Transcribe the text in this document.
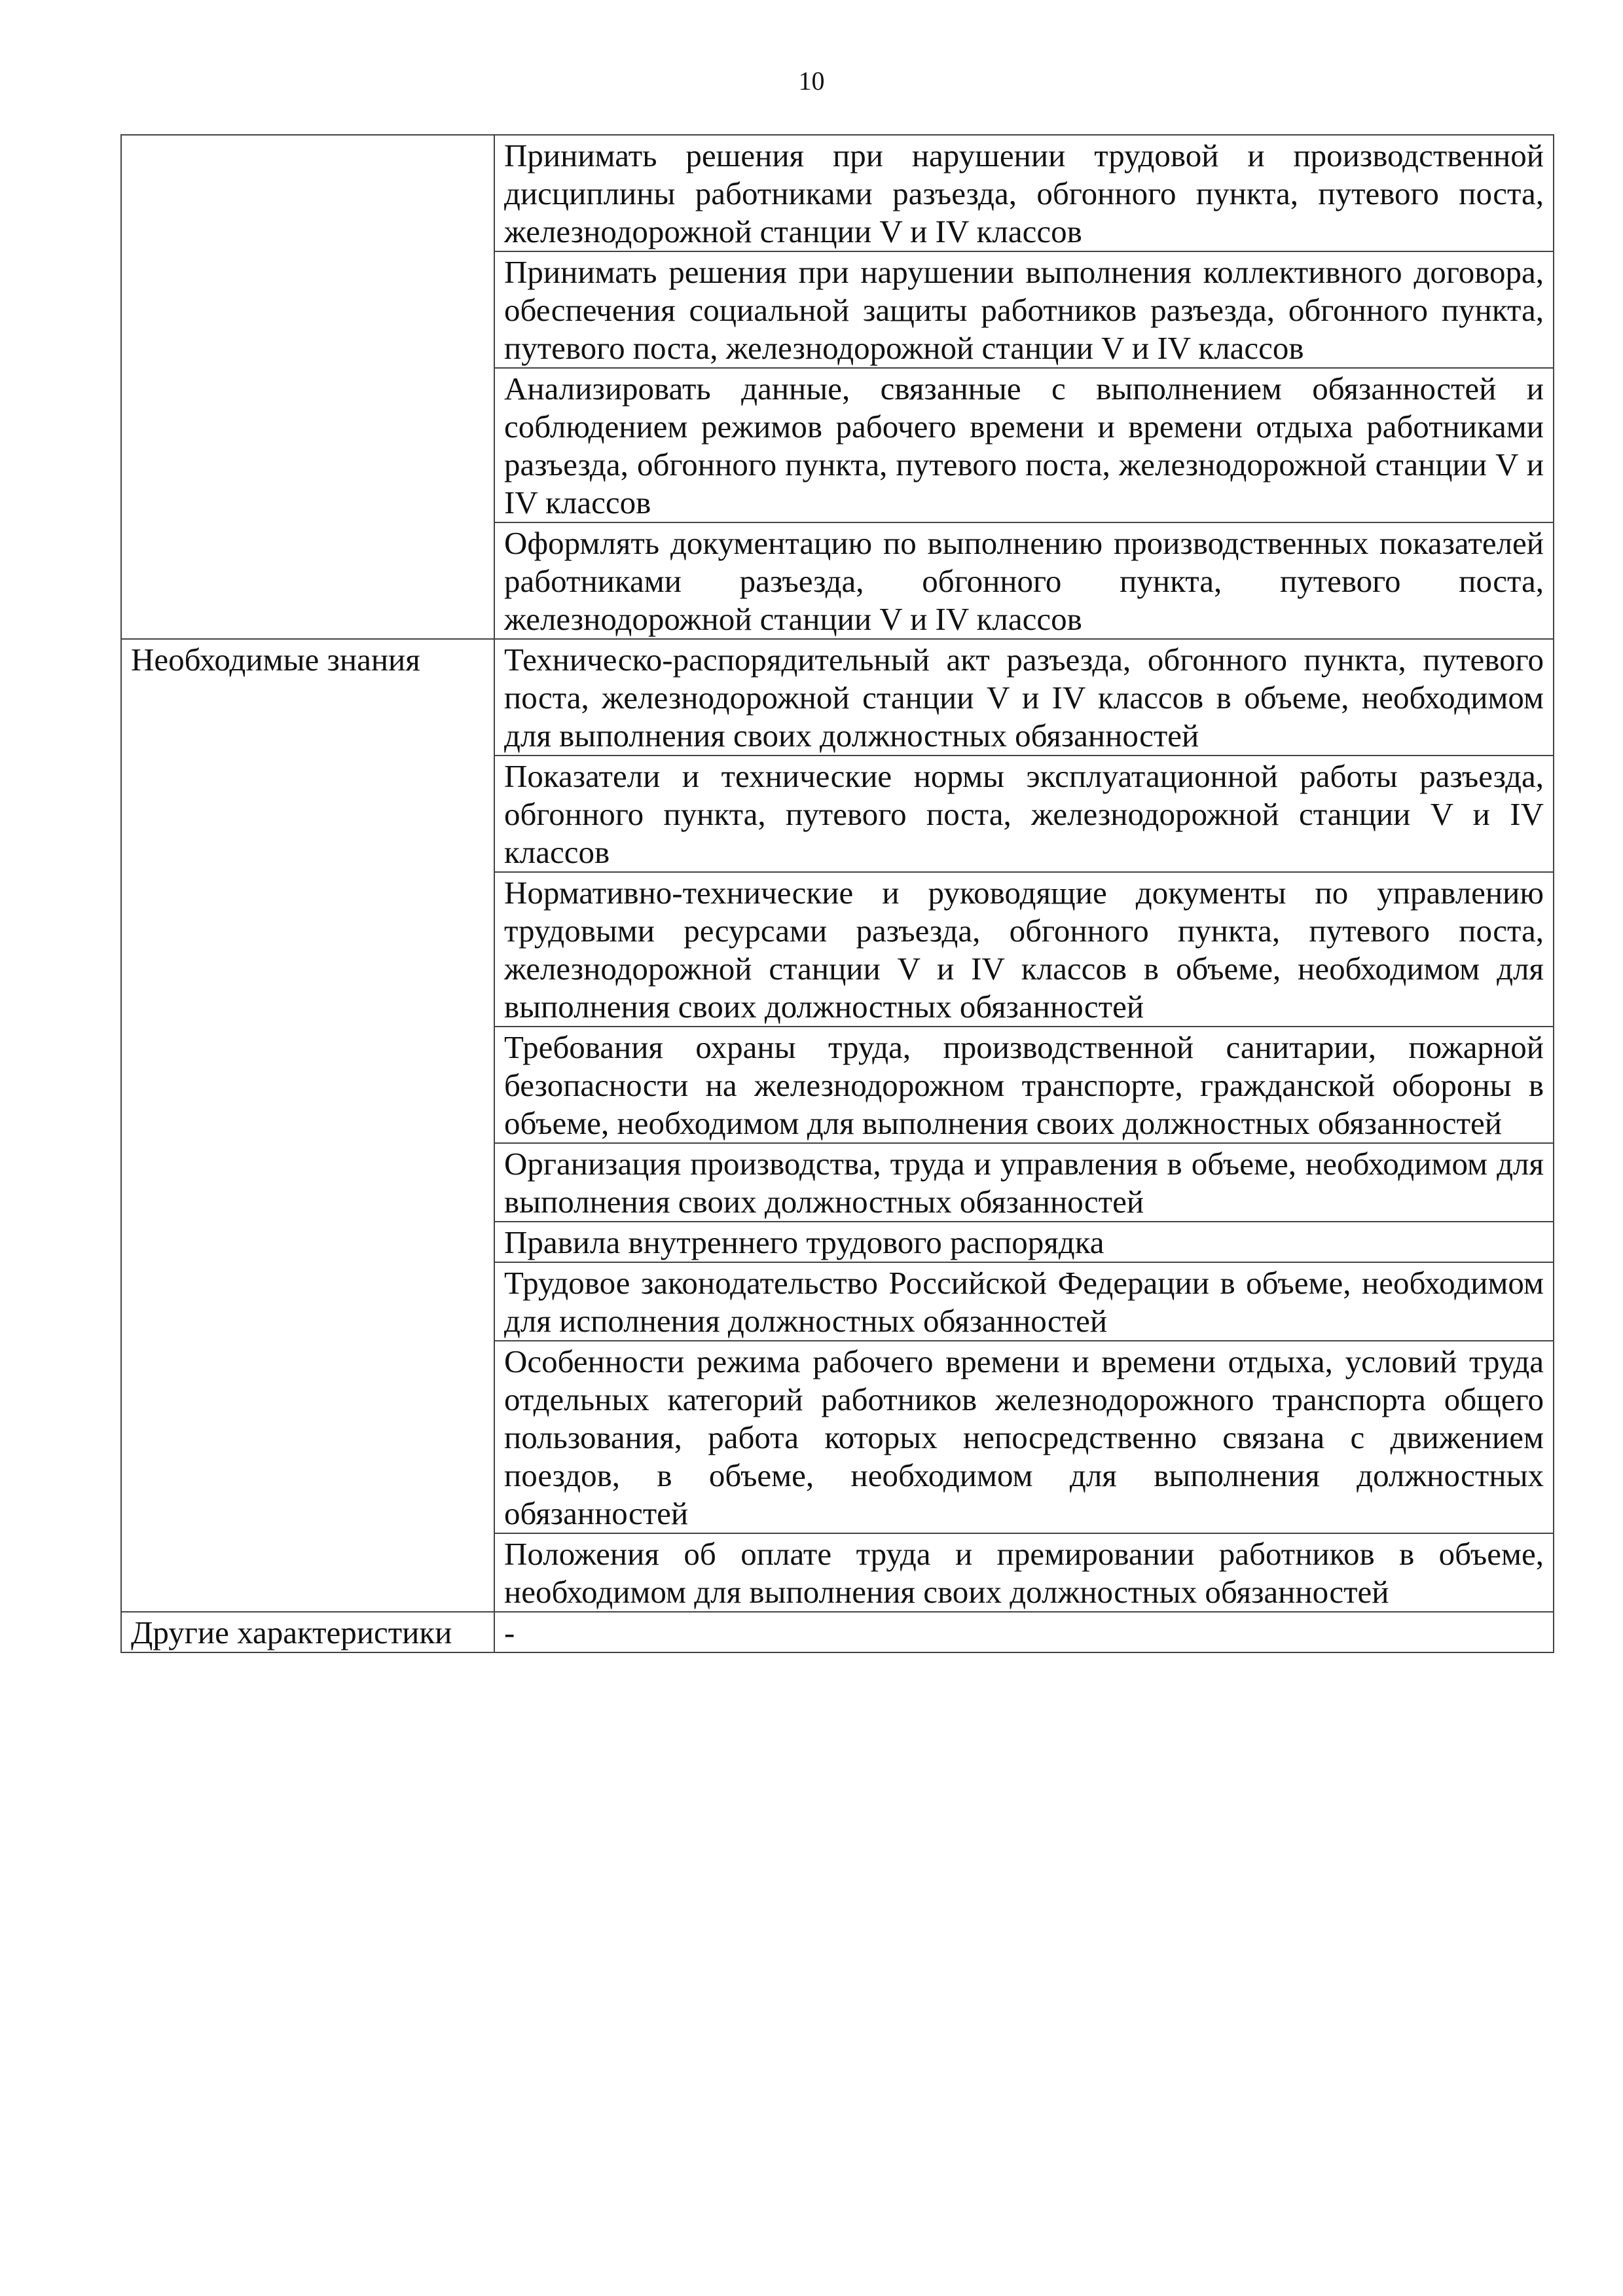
10
	Принимать решения при нарушении трудовой и производственной дисциплины работниками разъезда, обгонного пункта, путевого поста, железнодорожной станции V и IV классов
	Принимать решения при нарушении выполнения коллективного договора, обеспечения социальной защиты работников разъезда, обгонного пункта, путевого поста, железнодорожной станции V и IV классов
	Анализировать данные, связанные с выполнением обязанностей и соблюдением режимов рабочего времени и времени отдыха работниками разъезда, обгонного пункта, путевого поста, железнодорожной станции V и IV классов
	Оформлять документацию по выполнению производственных показателей работниками разъезда, обгонного пункта, путевого поста, железнодорожной станции V и IV классов
Необходимые знания	Техническо-распорядительный акт разъезда, обгонного пункта, путевого поста, железнодорожной станции V и IV классов в объеме, необходимом для выполнения своих должностных обязанностей
	Показатели и технические нормы эксплуатационной работы разъезда, обгонного пункта, путевого поста, железнодорожной станции V и IV классов
	Нормативно-технические и руководящие документы по управлению трудовыми ресурсами разъезда, обгонного пункта, путевого поста, железнодорожной станции V и IV классов в объеме, необходимом для выполнения своих должностных обязанностей
	Требования охраны труда, производственной санитарии, пожарной безопасности на железнодорожном транспорте, гражданской обороны в объеме, необходимом для выполнения своих должностных обязанностей
	Организация производства, труда и управления в объеме, необходимом для выполнения своих должностных обязанностей
	Правила внутреннего трудового распорядка
	Трудовое законодательство Российской Федерации в объеме, необходимом для исполнения должностных обязанностей
	Особенности режима рабочего времени и времени отдыха, условий труда отдельных категорий работников железнодорожного транспорта общего пользования, работа которых непосредственно связана с движением поездов, в объеме, необходимом для выполнения должностных обязанностей
	Положения об оплате труда и премировании работников в объеме, необходимом для выполнения своих должностных обязанностей
Другие характеристики	-
